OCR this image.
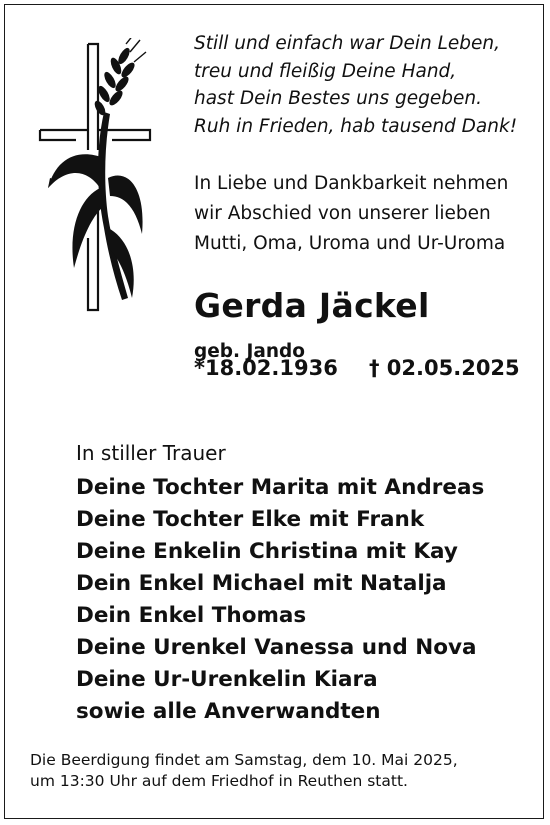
Still und einfach war Dein Leben,
treu und fleißig Deine Hand,
hast Dein Bestes uns gegeben.
Ruh in Frieden, hab tausend Dank!
In Liebe und Dankbarkeit nehmen
wir Abschied von unserer lieben
Mutti, Oma, Uroma und Ur-Uroma
Gerda Jäckel
geb. Jando
*18.02.1936 † 02.05.2025
In stiller Trauer
Deine Tochter Marita mit Andreas
Deine Tochter Elke mit Frank
Deine Enkelin Christina mit Kay
Dein Enkel Michael mit Natalja
Dein Enkel Thomas
Deine Urenkel Vanessa und Nova
Deine Ur-Urenkelin Kiara
sowie alle Anverwandten
Die Beerdigung findet am Samstag, dem 10. Mai 2025,
um 13:30 Uhr auf dem Friedhof in Reuthen statt.
